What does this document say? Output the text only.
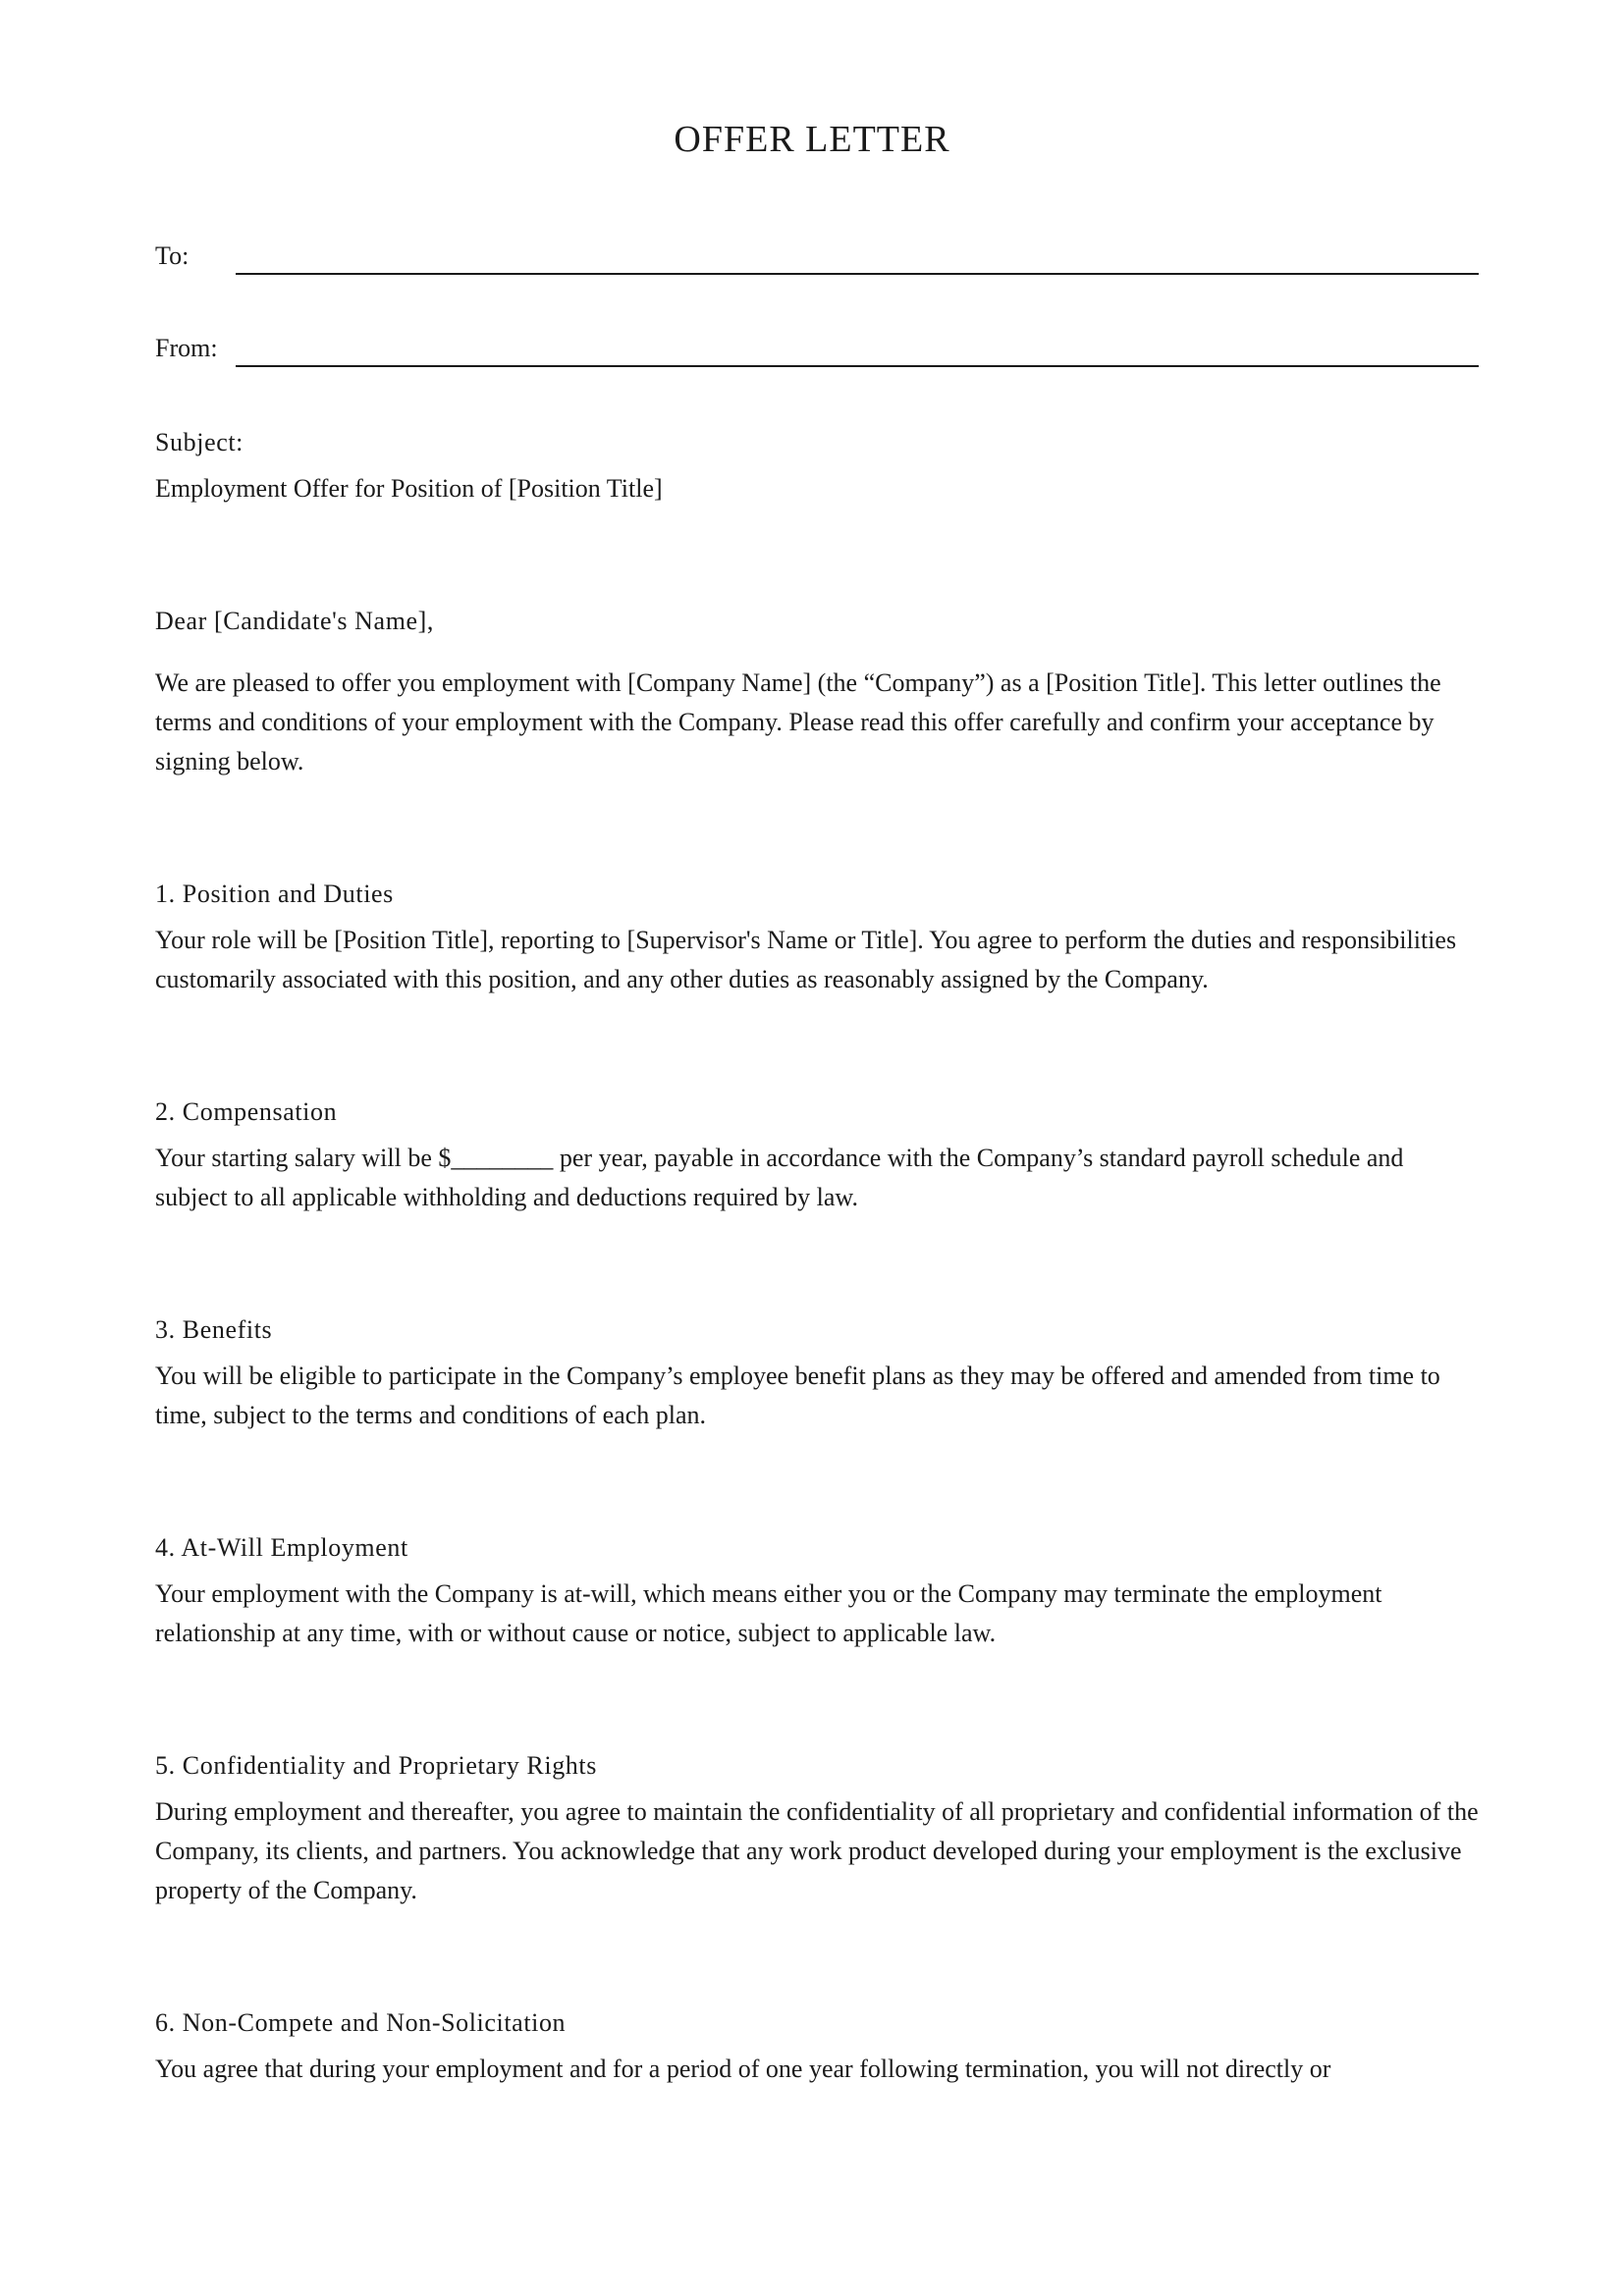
OFFER LETTER
To:
From:

Subject:

Employment Offer for Position of [Position Title]

Dear [Candidate's Name],

We are pleased to offer you employment with [Company Name] (the “Company”) as a [Position Title]. This letter outlines the terms and conditions of your employment with the Company. Please read this offer carefully and confirm your acceptance by signing below.

1. Position and Duties

Your role will be [Position Title], reporting to [Supervisor's Name or Title]. You agree to perform the duties and responsibilities customarily associated with this position, and any other duties as reasonably assigned by the Company.

2. Compensation

Your starting salary will be $________ per year, payable in accordance with the Company’s standard payroll schedule and subject to all applicable withholding and deductions required by law.

3. Benefits

You will be eligible to participate in the Company’s employee benefit plans as they may be offered and amended from time to time, subject to the terms and conditions of each plan.

4. At-Will Employment

Your employment with the Company is at-will, which means either you or the Company may terminate the employment relationship at any time, with or without cause or notice, subject to applicable law.

5. Confidentiality and Proprietary Rights

During employment and thereafter, you agree to maintain the confidentiality of all proprietary and confidential information of the Company, its clients, and partners. You acknowledge that any work product developed during your employment is the exclusive property of the Company.

6. Non-Compete and Non-Solicitation

You agree that during your employment and for a period of one year following termination, you will not directly or
